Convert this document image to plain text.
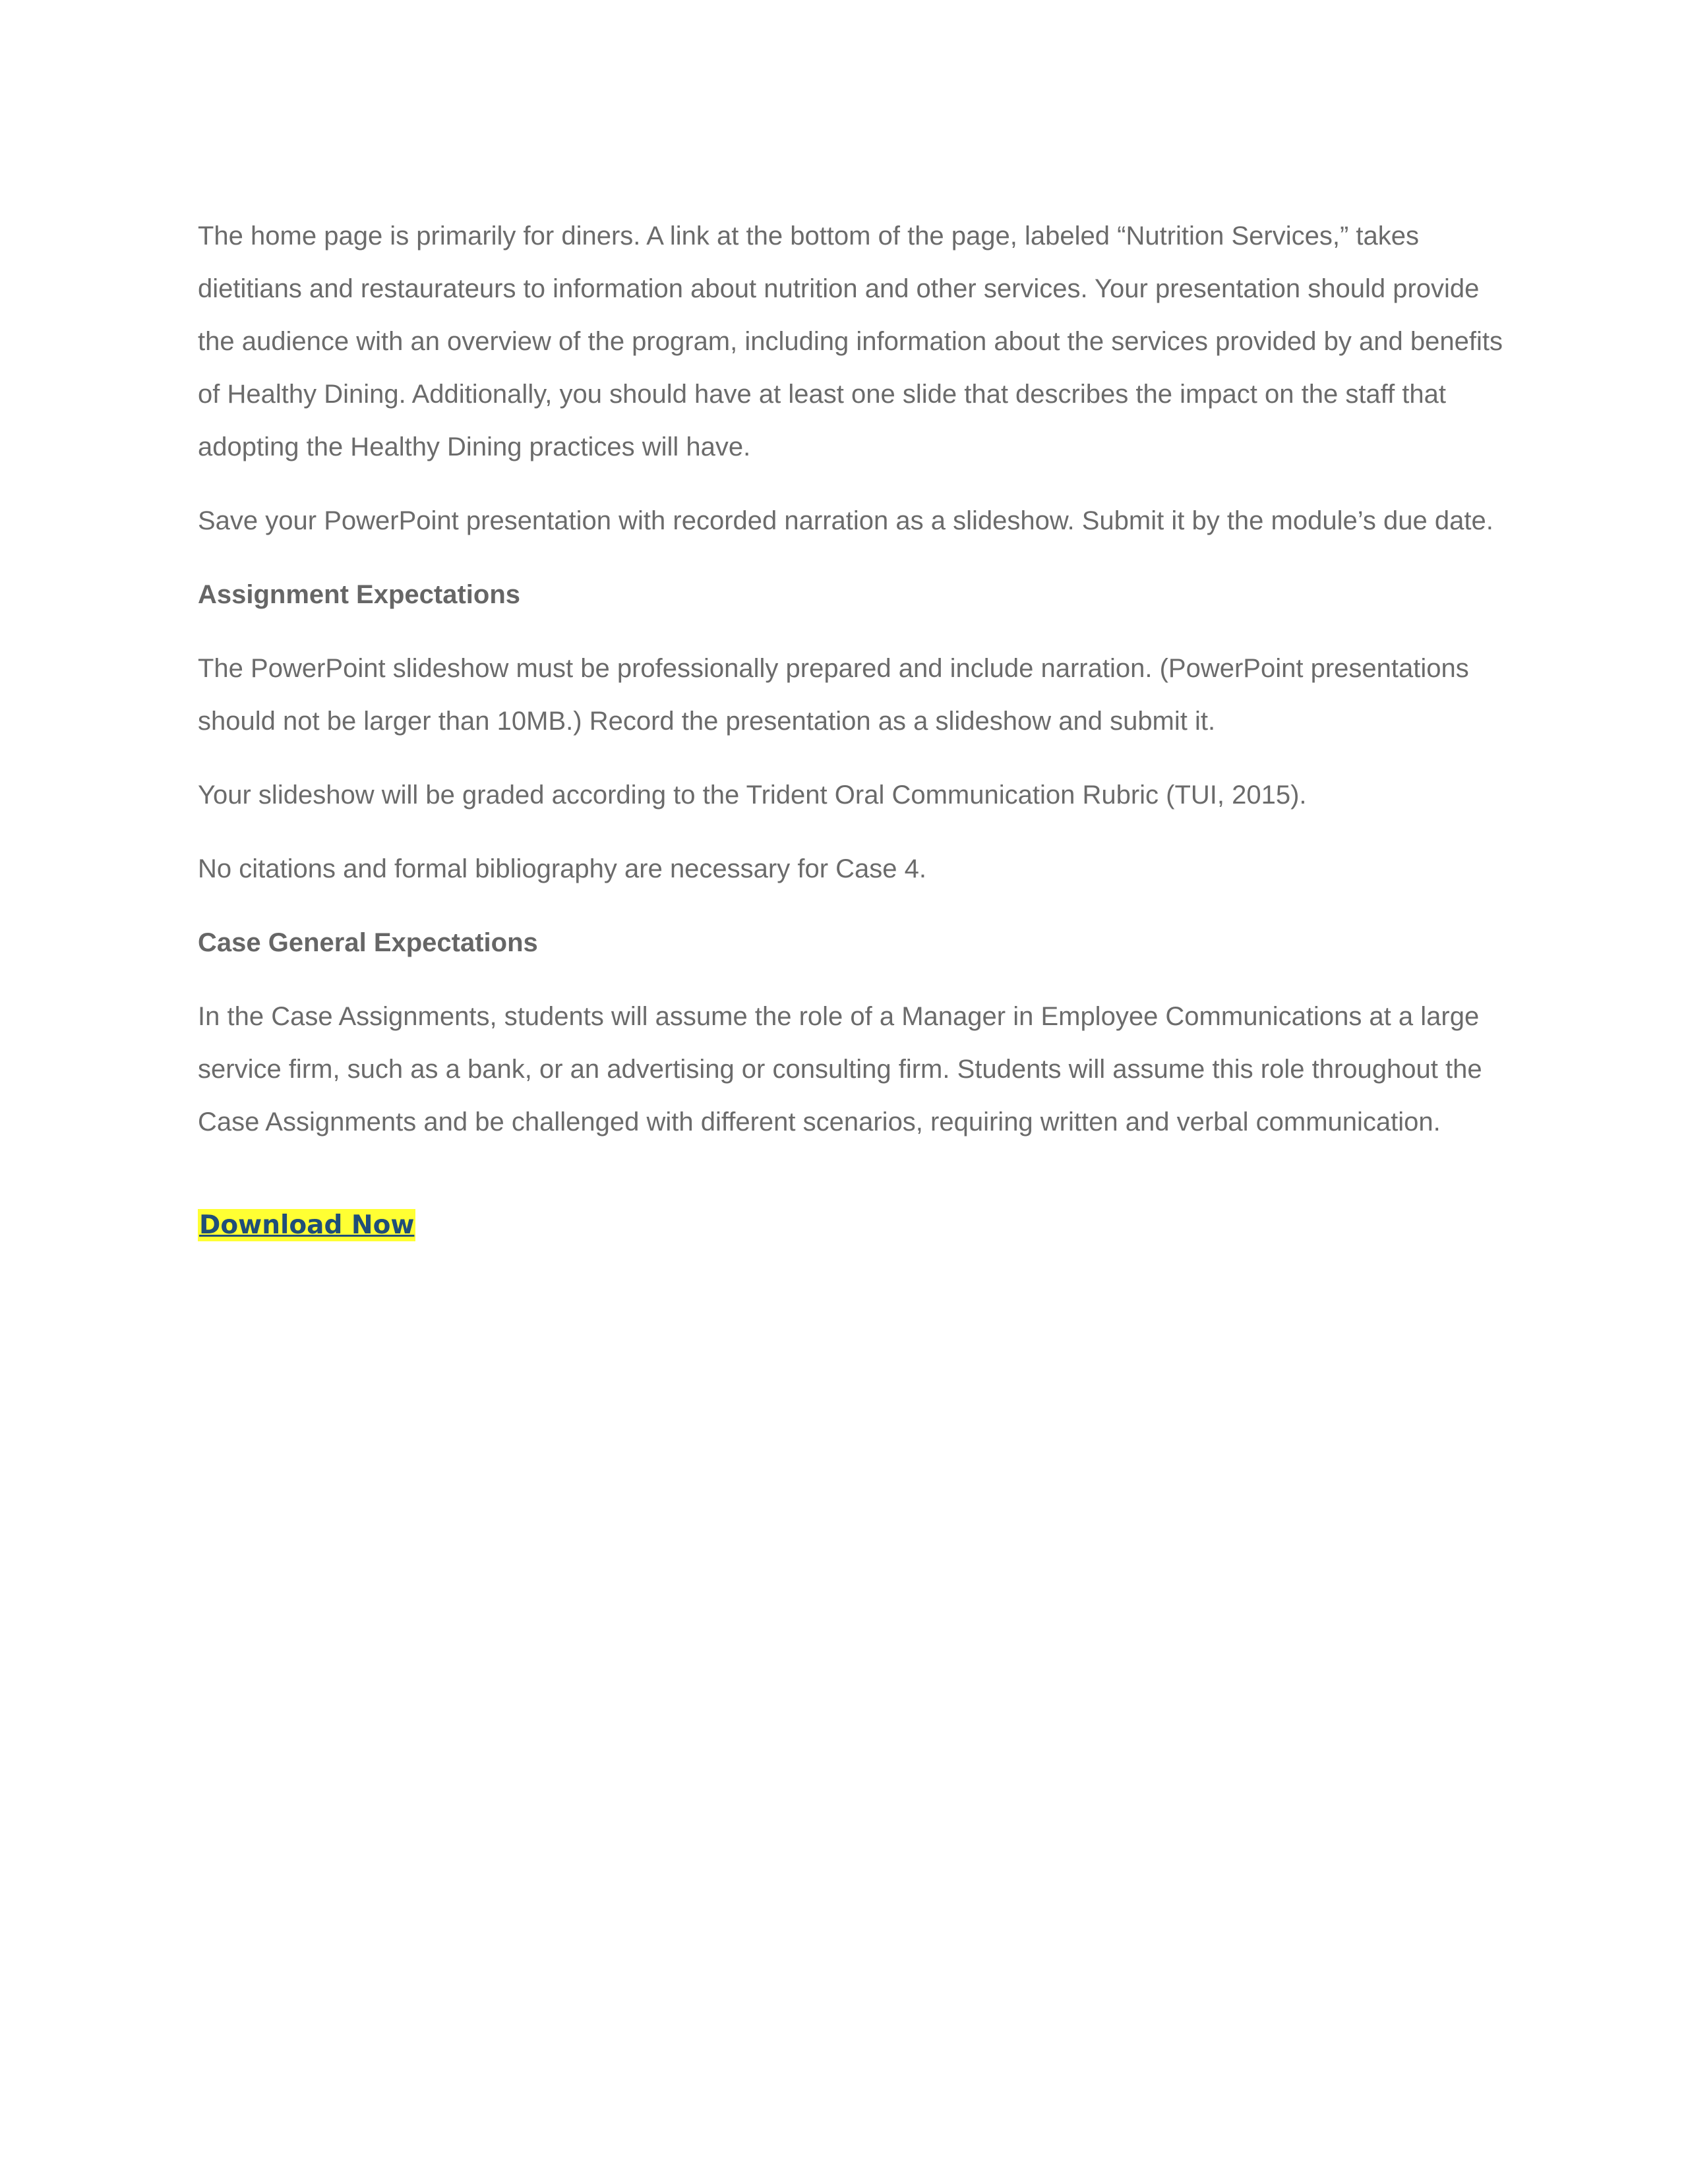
The home page is primarily for diners. A link at the bottom of the page, labeled “Nutrition Services,” takes dietitians and restaurateurs to information about nutrition and other services. Your presentation should provide the audience with an overview of the program, including information about the services provided by and benefits of Healthy Dining. Additionally, you should have at least one slide that describes the impact on the staff that adopting the Healthy Dining practices will have.

Save your PowerPoint presentation with recorded narration as a slideshow. Submit it by the module’s due date.

Assignment Expectations

The PowerPoint slideshow must be professionally prepared and include narration. (PowerPoint presentations should not be larger than 10MB.) Record the presentation as a slideshow and submit it.

Your slideshow will be graded according to the Trident Oral Communication Rubric (TUI, 2015).

No citations and formal bibliography are necessary for Case 4.

Case General Expectations

In the Case Assignments, students will assume the role of a Manager in Employee Communications at a large service firm, such as a bank, or an advertising or consulting firm. Students will assume this role throughout the Case Assignments and be challenged with different scenarios, requiring written and verbal communication.

Download Now
